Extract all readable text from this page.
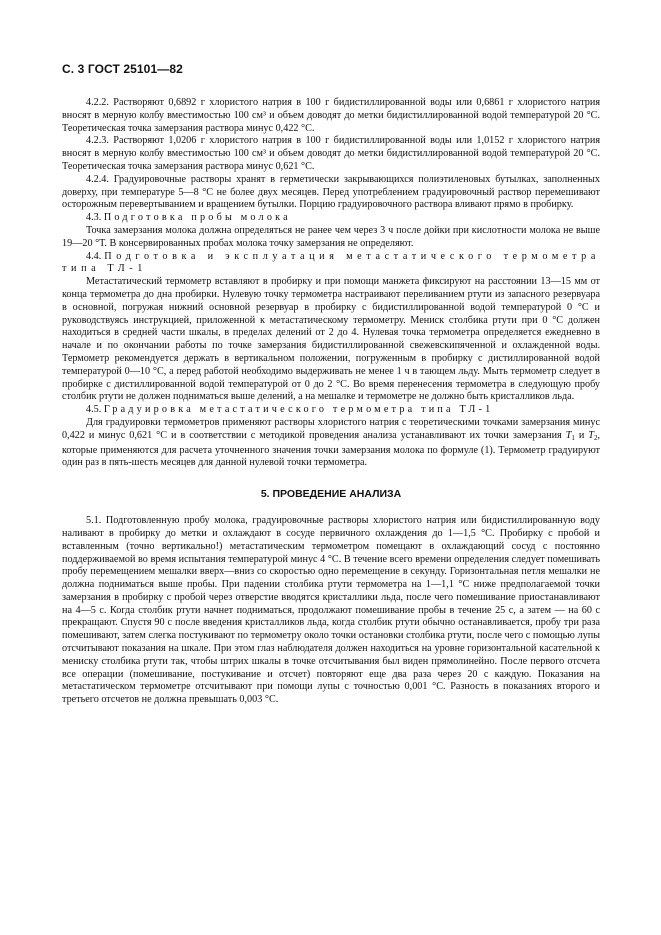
С. 3 ГОСТ 25101—82

4.2.2. Растворяют 0,6892 г хлористого натрия в 100 г бидистиллированной воды или 0,6861 г хлористого натрия вносят в мерную колбу вместимостью 100 см³ и объем доводят до метки бидистиллированной водой температурой 20 °С. Теоретическая точка замерзания раствора минус 0,422 °С.

4.2.3. Растворяют 1,0206 г хлористого натрия в 100 г бидистиллированной воды или 1,0152 г хлористого натрия вносят в мерную колбу вместимостью 100 см³ и объем доводят до метки бидистиллированной водой температурой 20 °С. Теоретическая точка замерзания раствора минус 0,621 °С.

4.2.4. Градуировочные растворы хранят в герметически закрывающихся полиэтиленовых бутылках, заполненных доверху, при температуре 5—8 °С не более двух месяцев. Перед употреблением градуировочный раствор перемешивают осторожным перевертыванием и вращением бутылки. Порцию градуировочного раствора вливают прямо в пробирку.

4.3. Подготовка пробы молока

Точка замерзания молока должна определяться не ранее чем через 3 ч после дойки при кислотности молока не выше 19—20 °Т. В консервированных пробах молока точку замерзания не определяют.

4.4. Подготовка и эксплуатация метастатического термометра типа ТЛ-1

Метастатический термометр вставляют в пробирку и при помощи манжета фиксируют на расстоянии 13—15 мм от конца термометра до дна пробирки. Нулевую точку термометра настраивают переливанием ртути из запасного резервуара в основной, погружая нижний основной резервуар в пробирку с бидистиллированной водой температурой 0 °С и руководствуясь инструкцией, приложенной к метастатическому термометру. Мениск столбика ртути при 0 °С должен находиться в средней части шкалы, в пределах делений от 2 до 4. Нулевая точка термометра определяется ежедневно в начале и по окончании работы по точке замерзания бидистиллированной свежевскипяченной и охлажденной воды. Термометр рекомендуется держать в вертикальном положении, погруженным в пробирку с дистиллированной водой температурой 0—10 °С, а перед работой необходимо выдерживать не менее 1 ч в тающем льду. Мыть термометр следует в пробирке с дистиллированной водой температурой от 0 до 2 °С. Во время перенесения термометра в следующую пробу столбик ртути не должен подниматься выше делений, а на мешалке и термометре не должно быть кристалликов льда.

4.5. Градуировка метастатического термометра типа ТЛ-1

Для градуировки термометров применяют растворы хлористого натрия с теоретическими точками замерзания минус 0,422 и минус 0,621 °С и в соответствии с методикой проведения анализа устанавливают их точки замерзания $T_1$ и $T_2$, которые применяются для расчета уточненного значения точки замерзания молока по формуле (1). Термометр градуируют один раз в пять-шесть месяцев для данной нулевой точки термометра.

5. ПРОВЕДЕНИЕ АНАЛИЗА

5.1. Подготовленную пробу молока, градуировочные растворы хлористого натрия или бидистиллированную воду наливают в пробирку до метки и охлаждают в сосуде первичного охлаждения до 1—1,5 °С. Пробирку с пробой и вставленным (точно вертикально!) метастатическим термометром помещают в охлаждающий сосуд с постоянно поддерживаемой во время испытания температурой минус 4 °С. В течение всего времени определения следует помешивать пробу перемещением мешалки вверх—вниз со скоростью одно перемещение в секунду. Горизонтальная петля мешалки не должна подниматься выше пробы. При падении столбика ртути термометра на 1—1,1 °С ниже предполагаемой точки замерзания в пробирку с пробой через отверстие вводятся кристаллики льда, после чего помешивание приостанавливают на 4—5 с. Когда столбик ртути начнет подниматься, продолжают помешивание пробы в течение 25 с, а затем — на 60 с прекращают. Спустя 90 с после введения кристалликов льда, когда столбик ртути обычно останавливается, пробу три раза помешивают, затем слегка постукивают по термометру около точки остановки столбика ртути, после чего с помощью лупы отсчитывают показания на шкале. При этом глаз наблюдателя должен находиться на уровне горизонтальной касательной к мениску столбика ртути так, чтобы штрих шкалы в точке отсчитывания был виден прямолинейно. После первого отсчета все операции (помешивание, постукивание и отсчет) повторяют еще два раза через 20 с каждую. Показания на метастатическом термометре отсчитывают при помощи лупы с точностью 0,001 °С. Разность в показаниях второго и третьего отсчетов не должна превышать 0,003 °С.
